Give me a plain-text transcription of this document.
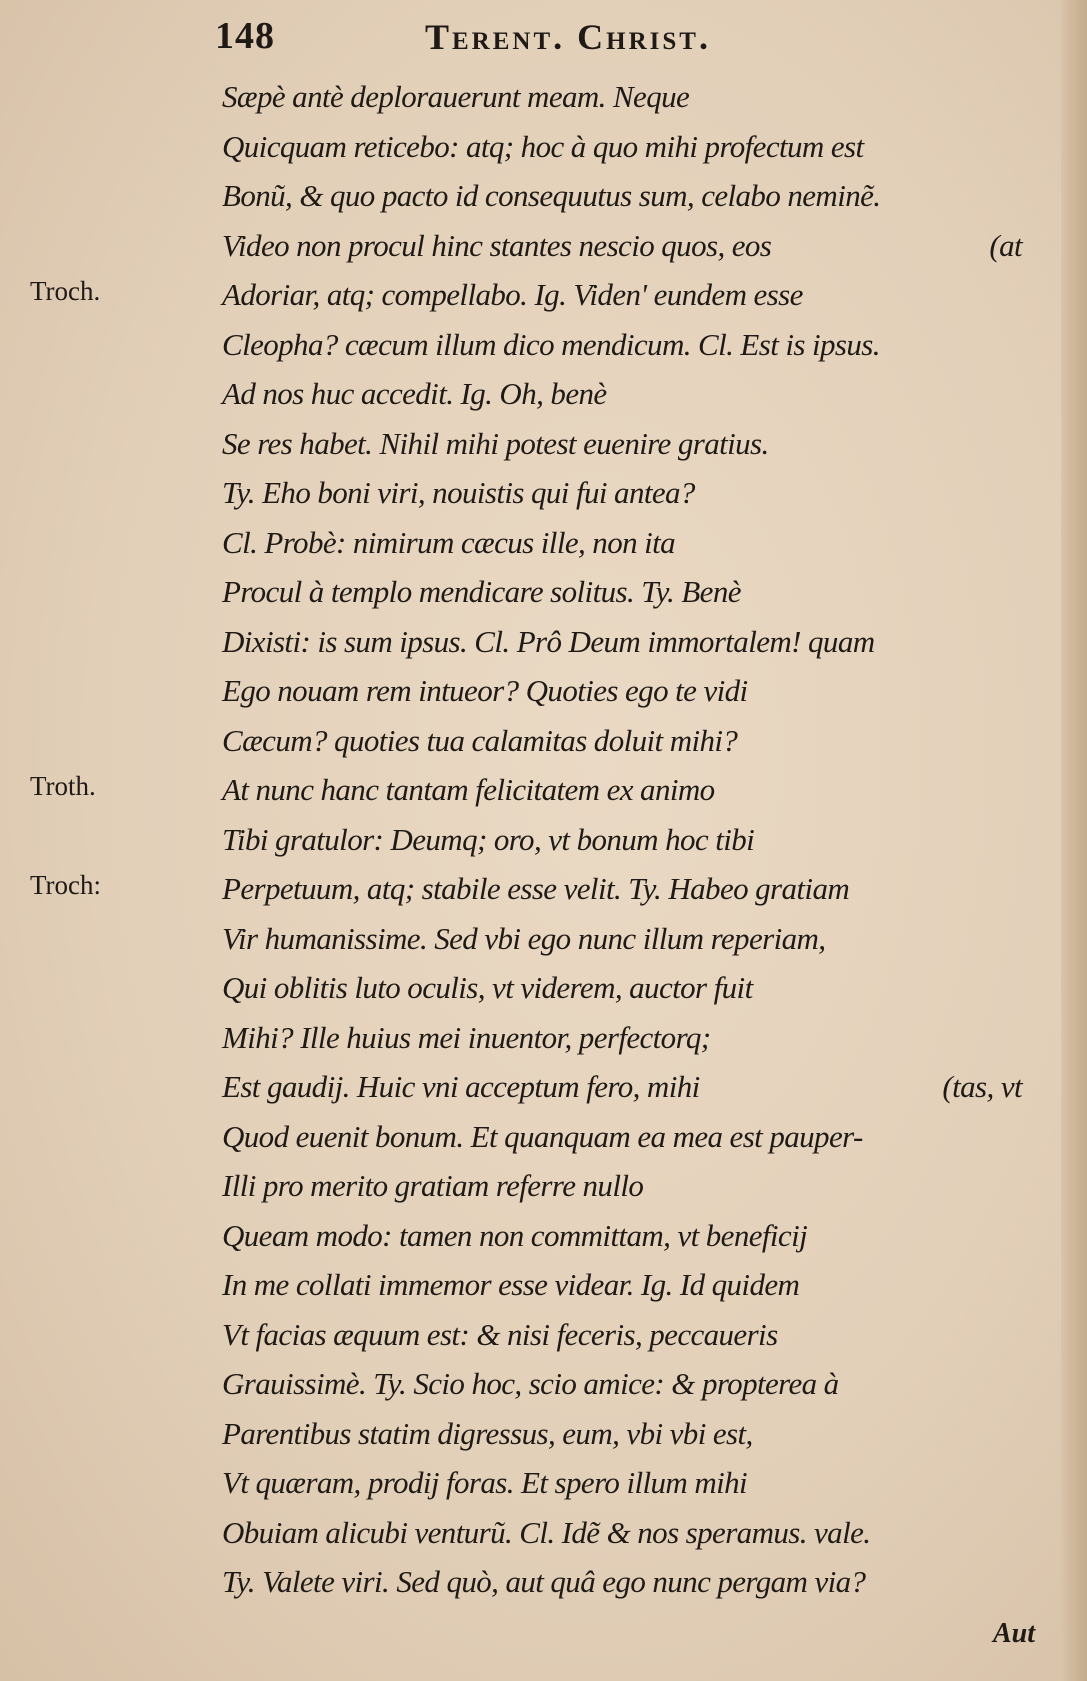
148	Terent. Christ.
Sæpè antè deplorauerunt meam. Neque
Quicquam reticebo: atq; hoc à quo mihi profectum est
Bonũ, & quo pacto id consequutus sum, celabo neminẽ.
Video non procul hinc stantes nescio quos, eos	(at
Adoriar, atq; compellabo. Ig. Viden' eundem esse
Cleopha? cæcum illum dico mendicum. Cl. Est is ipsus.
Ad nos huc accedit. Ig. Oh, benè
Se res habet. Nihil mihi potest euenire gratius.
Ty. Eho boni viri, nouistis qui fui antea?
Cl. Probè: nimirum cæcus ille, non ita
Procul à templo mendicare solitus. Ty. Benè
Dixisti: is sum ipsus. Cl. Prô Deum immortalem! quam
Ego nouam rem intueor? Quoties ego te vidi
Cæcum? quoties tua calamitas doluit mihi?
At nunc hanc tantam felicitatem ex animo
Tibi gratulor: Deumq; oro, vt bonum hoc tibi
Perpetuum, atq; stabile esse velit. Ty. Habeo gratiam
Vir humanissime. Sed vbi ego nunc illum reperiam,
Qui oblitis luto oculis, vt viderem, auctor fuit
Mihi? Ille huius mei inuentor, perfectorq;
Est gaudij. Huic vni acceptum fero, mihi	(tas, vt
Quod euenit bonum. Et quanquam ea mea est pauper-
Illi pro merito gratiam referre nullo
Queam modo: tamen non committam, vt beneficij
In me collati immemor esse videar. Ig. Id quidem
Vt facias æquum est: & nisi feceris, peccaueris
Grauissimè. Ty. Scio hoc, scio amice: & propterea à
Parentibus statim digressus, eum, vbi vbi est,
Vt quæram, prodij foras. Et spero illum mihi
Obuiam alicubi venturũ. Cl. Idẽ & nos speramus. vale.
Ty. Valete viri. Sed quò, aut quâ ego nunc pergam via?
Troch.
Troth.
Troch:
Aut
